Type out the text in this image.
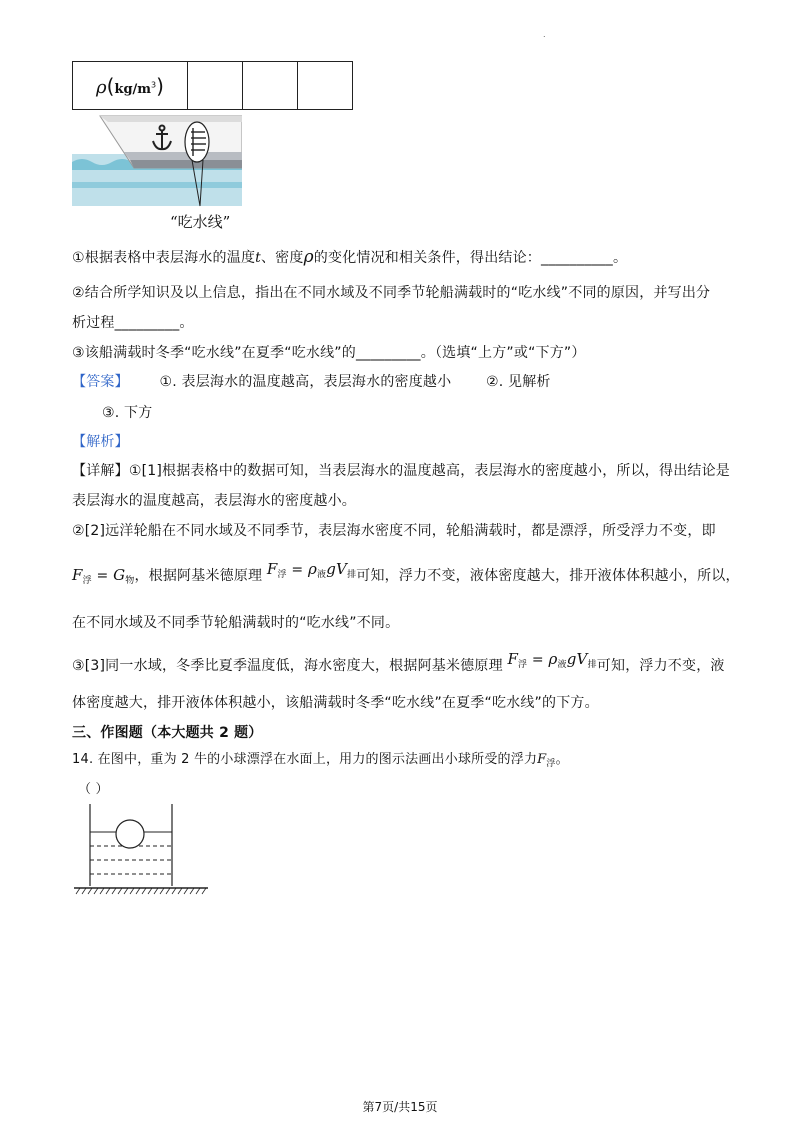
.
$\rho(kg/m^3)$			
“吃水线”
①根据表格中表层海水的温度t、密度ρ的变化情况和相关条件，得出结论：__________。
②结合所学知识及以上信息，指出在不同水域及不同季节轮船满载时的“吃水线”不同的原因，并写出分
析过程_________。
③该船满载时冬季“吃水线”在夏季“吃水线”的_________。（选填“上方”或“下方”）
【答案】 ①. 表层海水的温度越高，表层海水的密度越小 ②. 见解析
③. 下方
【解析】
【详解】①[1]根据表格中的数据可知，当表层海水的温度越高，表层海水的密度越小，所以，得出结论是
表层海水的温度越高，表层海水的密度越小。
②[2]远洋轮船在不同水域及不同季节，表层海水密度不同，轮船满载时，都是漂浮，所受浮力不变，即
$F_浮 = G_物$，根据阿基米德原理 $F_浮 = \rho_液gV_排$可知，浮力不变，液体密度越大，排开液体体积越小，所以，
在不同水域及不同季节轮船满载时的“吃水线”不同。
③[3]同一水域，冬季比夏季温度低，海水密度大，根据阿基米德原理 $F_浮 = \rho_液gV_排$可知，浮力不变，液
体密度越大，排开液体体积越小，该船满载时冬季“吃水线”在夏季“吃水线”的下方。
三、作图题（本大题共 2 题）
14. 在图中，重为 2 牛的小球漂浮在水面上，用力的图示法画出小球所受的浮力$F_浮$。
（ ）
第7页/共15页
